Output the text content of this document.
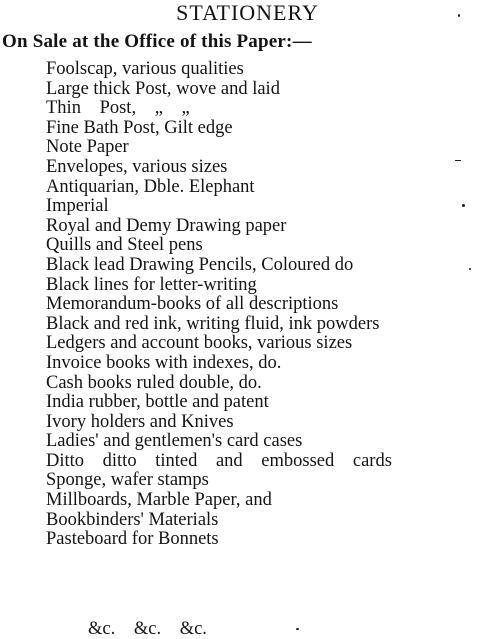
STATIONERY
On Sale at the Office of this Paper:—
Foolscap, various qualities
Large thick Post, wove and laid
Thin Post, „ „
Fine Bath Post, Gilt edge
Note Paper
Envelopes, various sizes
Antiquarian, Dble. Elephant
Imperial
Royal and Demy Drawing paper
Quills and Steel pens
Black lead Drawing Pencils, Coloured do
Black lines for letter-writing
Memorandum-books of all descriptions
Black and red ink, writing fluid, ink powders
Ledgers and account books, various sizes
Invoice books with indexes, do.
Cash books ruled double, do.
India rubber, bottle and patent
Ivory holders and Knives
Ladies' and gentlemen's card cases
Ditto ditto tinted and embossed cards
Sponge, wafer stamps
Millboards, Marble Paper, and
Bookbinders' Materials
Pasteboard for Bonnets
&c. &c. &c.
